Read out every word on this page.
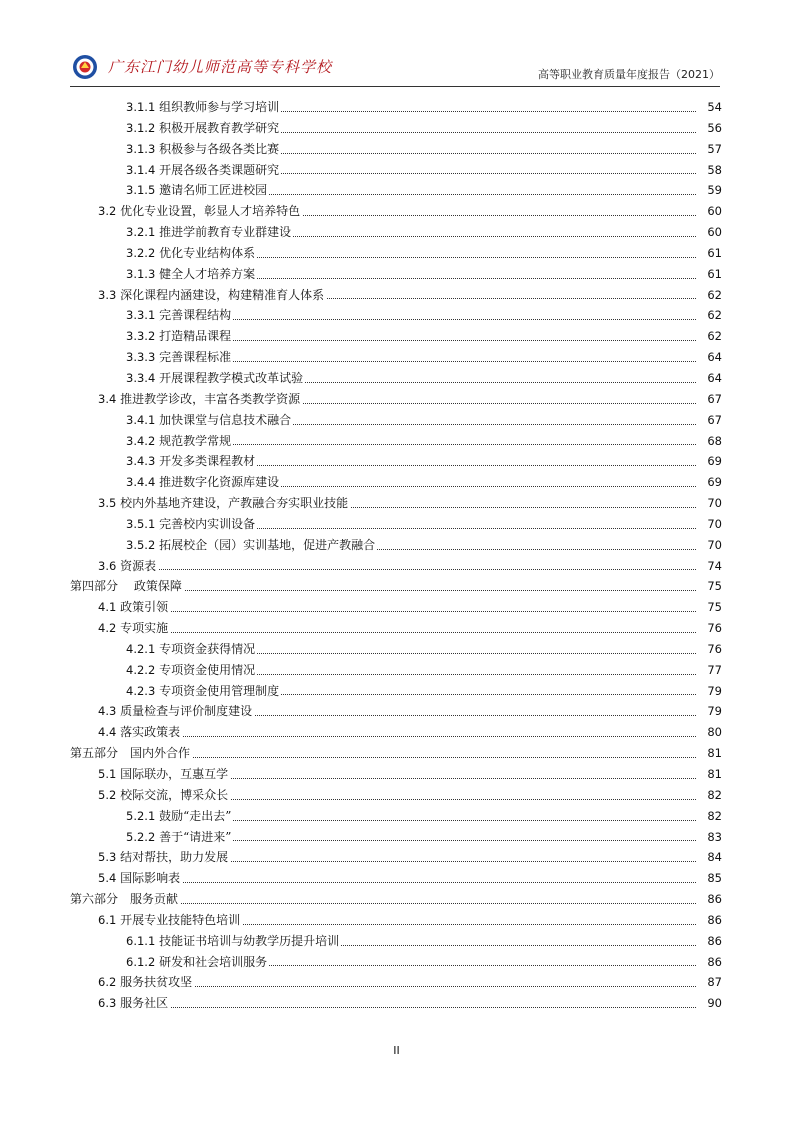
广东江门幼儿师范高等专科学校	高等职业教育质量年度报告（2021）
3.1.1 组织教师参与学习培训	54
3.1.2 积极开展教育教学研究	56
3.1.3 积极参与各级各类比赛	57
3.1.4 开展各级各类课题研究	58
3.1.5 邀请名师工匠进校园	59
3.2 优化专业设置，彰显人才培养特色	60
3.2.1 推进学前教育专业群建设	60
3.2.2 优化专业结构体系	61
3.1.3 健全人才培养方案	61
3.3 深化课程内涵建设，构建精准育人体系	62
3.3.1 完善课程结构	62
3.3.2 打造精品课程	62
3.3.3 完善课程标准	64
3.3.4 开展课程教学模式改革试验	64
3.4 推进教学诊改，丰富各类教学资源	67
3.4.1 加快课堂与信息技术融合	67
3.4.2 规范教学常规	68
3.4.3 开发多类课程教材	69
3.4.4 推进数字化资源库建设	69
3.5 校内外基地齐建设，产教融合夯实职业技能	70
3.5.1 完善校内实训设备	70
3.5.2 拓展校企（园）实训基地，促进产教融合	70
3.6 资源表	74
第四部分　 政策保障	75
4.1 政策引领	75
4.2 专项实施	76
4.2.1 专项资金获得情况	76
4.2.2 专项资金使用情况	77
4.2.3 专项资金使用管理制度	79
4.3 质量检查与评价制度建设	79
4.4 落实政策表	80
第五部分　国内外合作	81
5.1 国际联办，互惠互学	81
5.2 校际交流，博采众长	82
5.2.1 鼓励“走出去”	82
5.2.2 善于“请进来”	83
5.3 结对帮扶，助力发展	84
5.4 国际影响表	85
第六部分　服务贡献	86
6.1 开展专业技能特色培训	86
6.1.1 技能证书培训与幼教学历提升培训	86
6.1.2 研发和社会培训服务	86
6.2 服务扶贫攻坚	87
6.3 服务社区	90
II
